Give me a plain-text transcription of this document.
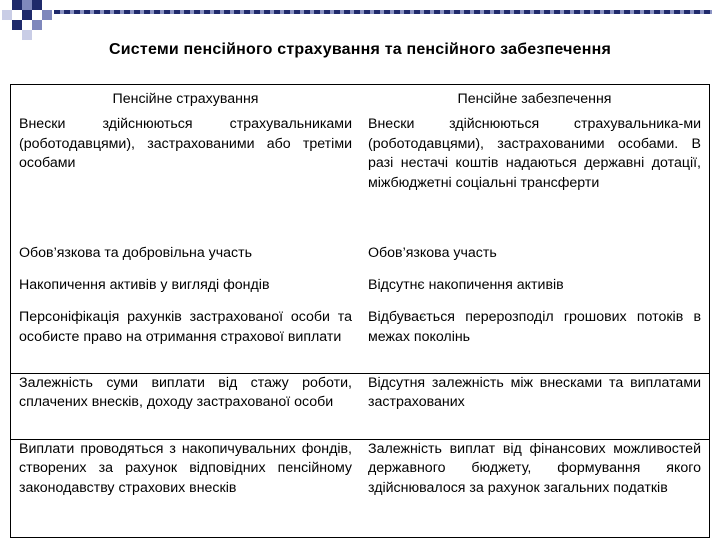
Системи пенсійного страхування та пенсійного забезпечення
Пенсійне страхування	Пенсійне забезпечення
Внески здійснюються страхувальниками (роботодавцями), застрахованими або третіми особами	Внески здійснюються страхувальника-ми (роботодавцями), застрахованими особами. В разі нестачі коштів надаються державні дотації, міжбюджетні соціальні трансферти
Обов’язкова та добровільна участь	Обов’язкова участь
Накопичення активів у вигляді фондів	Відсутнє накопичення активів
Персоніфікація рахунків застрахованої особи та особисте право на отримання страхової виплати	Відбувається перерозподіл грошових потоків в межах поколінь
Залежність суми виплати від стажу роботи, сплачених внесків, доходу застрахованої особи	Відсутня залежність між внесками та виплатами застрахованих
Виплати проводяться з накопичувальних фондів, створених за рахунок відповідних пенсійному законодавству страхових внесків	Залежність виплат від фінансових можливостей державного бюджету, формування якого здійснювалося за рахунок загальних податків
